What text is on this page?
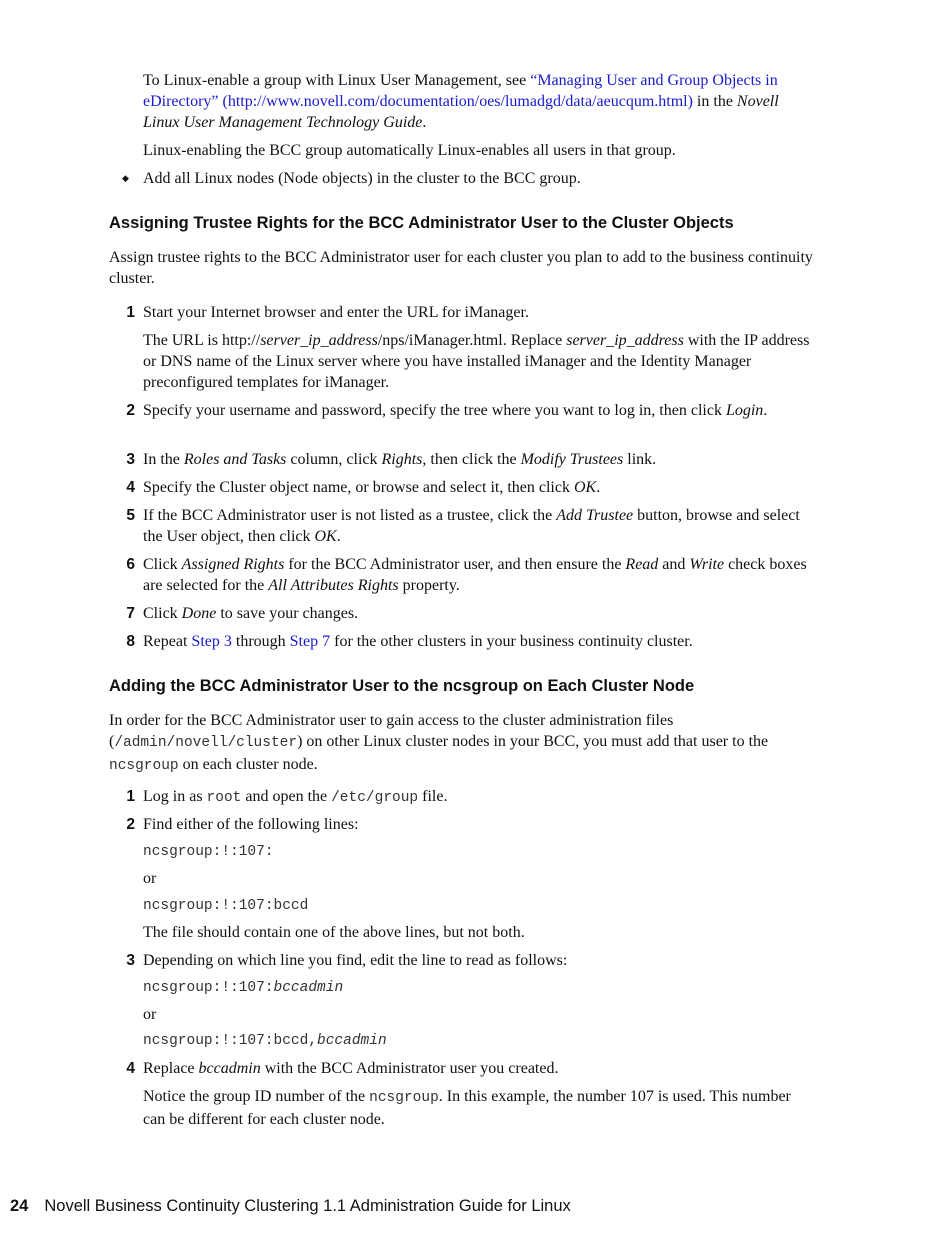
To Linux-enable a group with Linux User Management, see “Managing User and Group Objects in eDirectory” (http://www.novell.com/documentation/oes/lumadgd/data/aeucqum.html) in the Novell Linux User Management Technology Guide.

Linux-enabling the BCC group automatically Linux-enables all users in that group.

◆ Add all Linux nodes (Node objects) in the cluster to the BCC group.

Assigning Trustee Rights for the BCC Administrator User to the Cluster Objects

Assign trustee rights to the BCC Administrator user for each cluster you plan to add to the business continuity cluster.

1 Start your Internet browser and enter the URL for iManager.

The URL is http://server_ip_address/nps/iManager.html. Replace server_ip_address with the IP address or DNS name of the Linux server where you have installed iManager and the Identity Manager preconfigured templates for iManager.

2 Specify your username and password, specify the tree where you want to log in, then click Login.

3 In the Roles and Tasks column, click Rights, then click the Modify Trustees link.

4 Specify the Cluster object name, or browse and select it, then click OK.

5 If the BCC Administrator user is not listed as a trustee, click the Add Trustee button, browse and select the User object, then click OK.

6 Click Assigned Rights for the BCC Administrator user, and then ensure the Read and Write check boxes are selected for the All Attributes Rights property.

7 Click Done to save your changes.

8 Repeat Step 3 through Step 7 for the other clusters in your business continuity cluster.

Adding the BCC Administrator User to the ncsgroup on Each Cluster Node

In order for the BCC Administrator user to gain access to the cluster administration files (/admin/novell/cluster) on other Linux cluster nodes in your BCC, you must add that user to the ncsgroup on each cluster node.

1 Log in as root and open the /etc/group file.

2 Find either of the following lines:

ncsgroup:!:107:

or

ncsgroup:!:107:bccd

The file should contain one of the above lines, but not both.

3 Depending on which line you find, edit the line to read as follows:

ncsgroup:!:107:bccadmin

or

ncsgroup:!:107:bccd,bccadmin

4 Replace bccadmin with the BCC Administrator user you created.

Notice the group ID number of the ncsgroup. In this example, the number 107 is used. This number can be different for each cluster node.

24 Novell Business Continuity Clustering 1.1 Administration Guide for Linux
